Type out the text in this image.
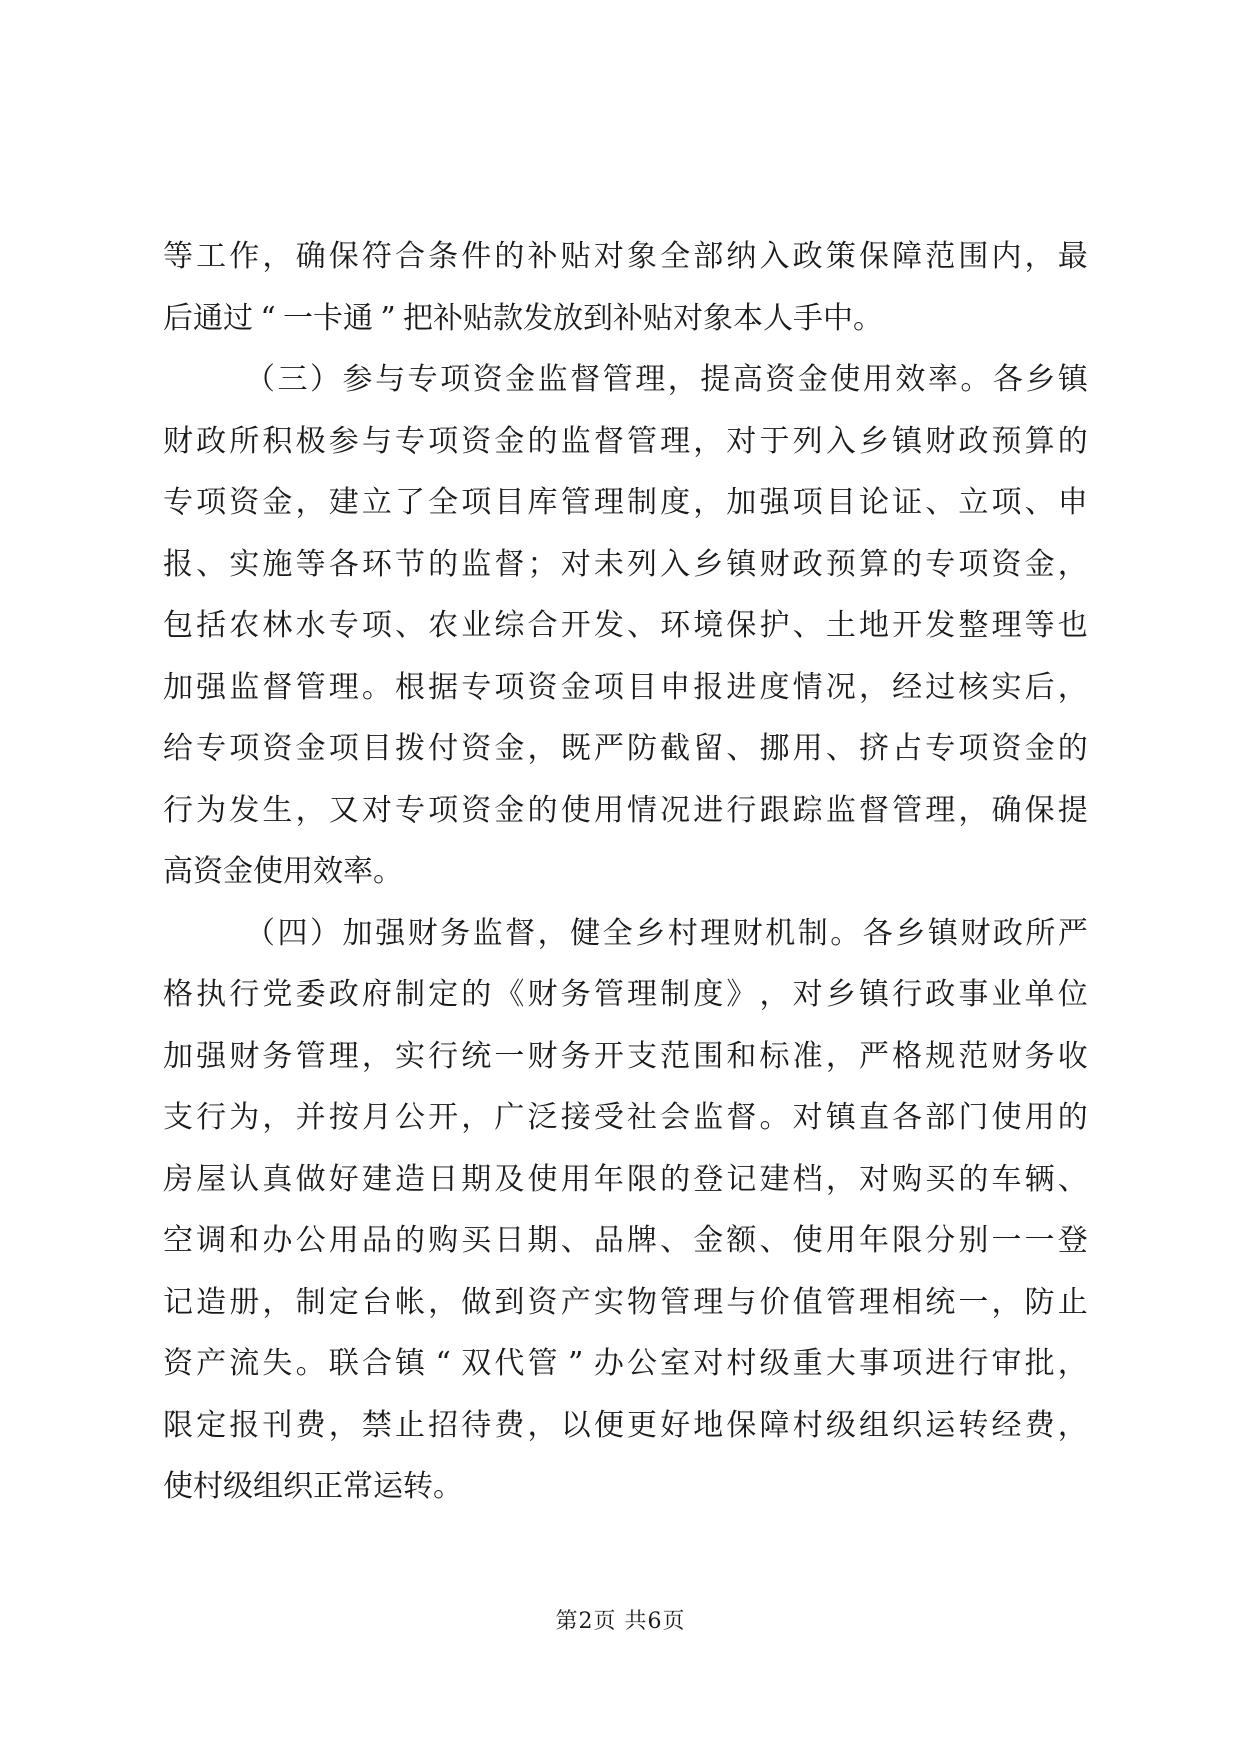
等 工 作 ， 确 保 符 合 条 件 的 补 贴 对 象 全 部 纳 入 政 策 保 障 范 围 内 ， 最
后 通 过 “ 一 卡 通 ” 把 补 贴 款 发 放 到 补 贴 对 象 本 人 手 中 。
（ 三 ） 参 与 专 项 资 金 监 督 管 理 ， 提 高 资 金 使 用 效 率 。 各 乡 镇
财 政 所 积 极 参 与 专 项 资 金 的 监 督 管 理 ， 对 于 列 入 乡 镇 财 政 预 算 的
专 项 资 金 ， 建 立 了 全 项 目 库 管 理 制 度 ， 加 强 项 目 论 证 、 立 项 、 申
报 、 实 施 等 各 环 节 的 监 督 ； 对 未 列 入 乡 镇 财 政 预 算 的 专 项 资 金 ，
包 括 农 林 水 专 项 、 农 业 综 合 开 发 、 环 境 保 护 、 土 地 开 发 整 理 等 也
加 强 监 督 管 理 。 根 据 专 项 资 金 项 目 申 报 进 度 情 况 ， 经 过 核 实 后 ，
给 专 项 资 金 项 目 拨 付 资 金 ， 既 严 防 截 留 、 挪 用 、 挤 占 专 项 资 金 的
行 为 发 生 ， 又 对 专 项 资 金 的 使 用 情 况 进 行 跟 踪 监 督 管 理 ， 确 保 提
高 资 金 使 用 效 率 。
（ 四 ） 加 强 财 务 监 督 ， 健 全 乡 村 理 财 机 制 。 各 乡 镇 财 政 所 严
格 执 行 党 委 政 府 制 定 的 《 财 务 管 理 制 度 》 ， 对 乡 镇 行 政 事 业 单 位
加 强 财 务 管 理 ， 实 行 统 一 财 务 开 支 范 围 和 标 准 ， 严 格 规 范 财 务 收
支 行 为 ， 并 按 月 公 开 ， 广 泛 接 受 社 会 监 督 。 对 镇 直 各 部 门 使 用 的
房 屋 认 真 做 好 建 造 日 期 及 使 用 年 限 的 登 记 建 档 ， 对 购 买 的 车 辆 、
空 调 和 办 公 用 品 的 购 买 日 期 、 品 牌 、 金 额 、 使 用 年 限 分 别 一 一 登
记 造 册 ， 制 定 台 帐 ， 做 到 资 产 实 物 管 理 与 价 值 管 理 相 统 一 ， 防 止
资 产 流 失 。 联 合 镇 “ 双 代 管 ” 办 公 室 对 村 级 重 大 事 项 进 行 审 批 ，
限 定 报 刊 费 ， 禁 止 招 待 费 ， 以 便 更 好 地 保 障 村 级 组 织 运 转 经 费 ，
使 村 级 组 织 正 常 运 转 。
第2页 共6页
